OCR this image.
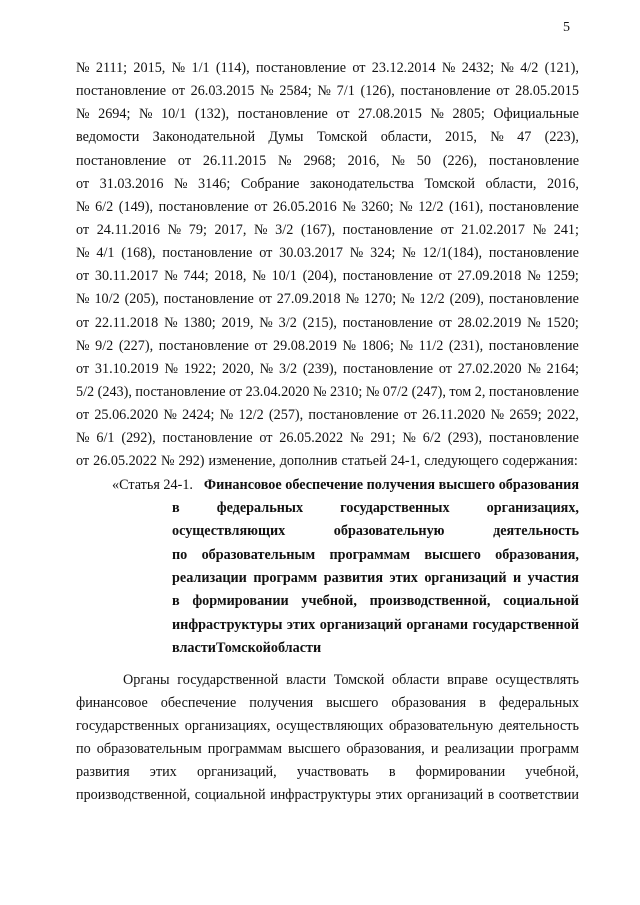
5
№ 2111; 2015, № 1/1 (114), постановление от 23.12.2014 № 2432; № 4/2 (121),
постановление от 26.03.2015 № 2584; № 7/1 (126), постановление от 28.05.2015
№ 2694; № 10/1 (132), постановление от 27.08.2015 № 2805; Официальные
ведомости Законодательной Думы Томской области, 2015, № 47 (223),
постановление от 26.11.2015 № 2968; 2016, № 50 (226), постановление
от 31.03.2016 № 3146; Собрание законодательства Томской области, 2016,
№ 6/2 (149), постановление от 26.05.2016 № 3260; № 12/2 (161), постановление
от 24.11.2016 № 79; 2017, № 3/2 (167), постановление от 21.02.2017 № 241;
№ 4/1 (168), постановление от 30.03.2017 № 324; № 12/1(184), постановление
от 30.11.2017 № 744; 2018, № 10/1 (204), постановление от 27.09.2018 № 1259;
№ 10/2 (205), постановление от 27.09.2018 № 1270; № 12/2 (209), постановление
от 22.11.2018 № 1380; 2019, № 3/2 (215), постановление от 28.02.2019 № 1520;
№ 9/2 (227), постановление от 29.08.2019 № 1806; № 11/2 (231), постановление
от 31.10.2019 № 1922; 2020, № 3/2 (239), постановление от 27.02.2020 № 2164;
5/2 (243), постановление от 23.04.2020 № 2310; № 07/2 (247), том 2, постановление
от 25.06.2020 № 2424; № 12/2 (257), постановление от 26.11.2020 № 2659; 2022,
№ 6/1 (292), постановление от 26.05.2022 № 291; № 6/2 (293), постановление
от 26.05.2022 № 292) изменение, дополнив статьей 24-1, следующего содержания:
«Статья 24-1. Финансовое обеспечение получения высшего образования
в	федеральных	государственных	организациях,
осуществляющих	образовательную	деятельность
по образовательным программам высшего образования,
реализации программ развития этих организаций и участия
в формировании учебной, производственной, социальной
инфраструктуры этих организаций органами государственной
власти Томской области
Органы государственной власти Томской области вправе осуществлять
финансовое обеспечение получения высшего образования в федеральных
государственных организациях, осуществляющих образовательную деятельность
по образовательным программам высшего образования, и реализации программ
развития этих организаций, участвовать в формировании учебной,
производственной, социальной инфраструктуры этих организаций в соответствии
